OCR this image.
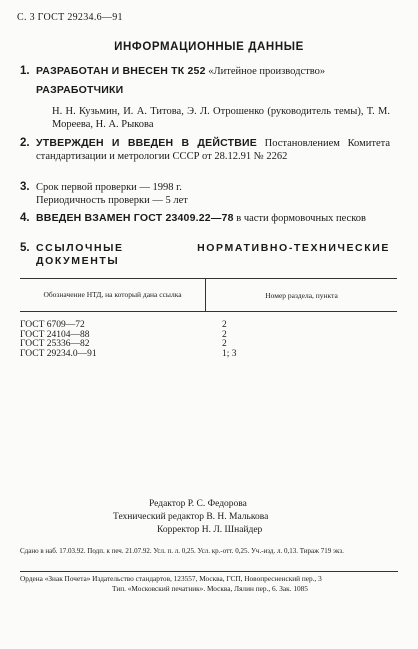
С. 3 ГОСТ 29234.6—91
ИНФОРМАЦИОННЫЕ ДАННЫЕ
1. РАЗРАБОТАН И ВНЕСЕН ТК 252 «Литейное производство»
РАЗРАБОТЧИКИ
Н. Н. Кузьмин, И. А. Титова, Э. Л. Отрошенко (руководитель темы), Т. М. Мореева, Н. А. Рыкова
2. УТВЕРЖДЕН И ВВЕДЕН В ДЕЙСТВИЕ Постановлением Комитета стандартизации и метрологии СССР от 28.12.91 № 2262
3. Срок первой проверки — 1998 г.
Периодичность проверки — 5 лет
4. ВВЕДЕН ВЗАМЕН ГОСТ 23409.22—78 в части формовочных песков
5. ССЫЛОЧНЫЕ НОРМАТИВНО-ТЕХНИЧЕСКИЕ ДОКУМЕНТЫ
Обозначение НТД, на который дана ссылка	Номер раздела, пункта
ГОСТ 6709—72
ГОСТ 24104—88
ГОСТ 25336—82
ГОСТ 29234.0—91
2
2
2
1; 3
Редактор Р. С. Федорова
Технический редактор В. Н. Малькова
Корректор Н. Л. Шнайдер
Сдано в наб. 17.03.92. Подп. к печ. 21.07.92. Усл. п. л. 0,25. Усл. кр.-отт. 0,25. Уч.-изд. л. 0,13. Тираж 719 экз.
Ордена «Знак Почета» Издательство стандартов, 123557, Москва, ГСП, Новопресненский пер., 3
Тип. «Московский печатник». Москва, Лялин пер., 6. Зак. 1085
